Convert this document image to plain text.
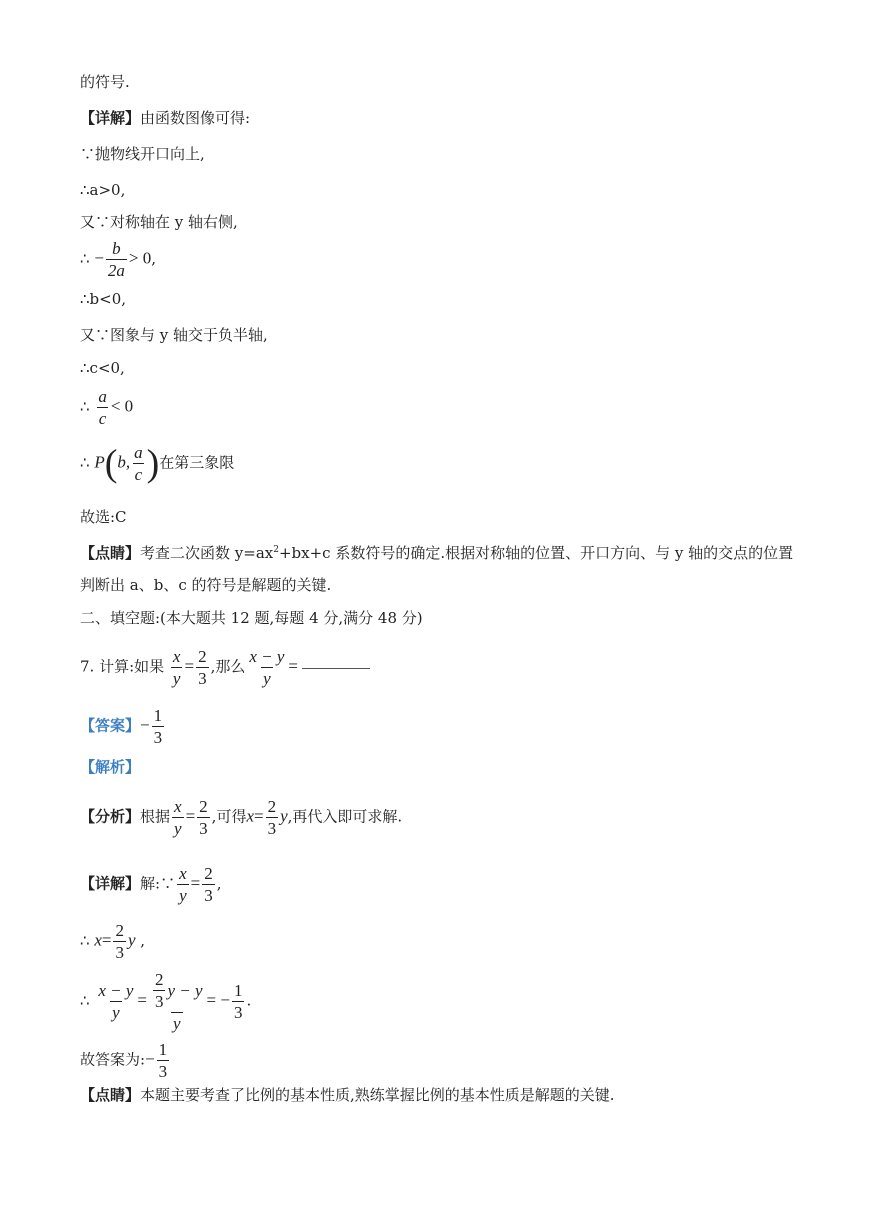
的符号.
【详解】由函数图像可得:
∵抛物线开口向上,
∴a>0,
又∵对称轴在 y 轴右侧,
∴ − $\frac{b}{2a} > 0$,
∴b<0,
又∵图象与 y 轴交于负半轴,
∴c<0,
∴ $\frac{a}{c} < 0$
∴ P(b, $\frac{a}{c}$ )在第三象限
故选:C
【点睛】考查二次函数 $y=ax^2+bx+c$ 系数符号的确定.根据对称轴的位置、开口方向、与 y 轴的交点的位置
判断出 a、b、c 的符号是解题的关键.
二、填空题:(本大题共 12 题,每题 4 分,满分 48 分)
7. 计算:如果 $\frac{x}{y} = \frac{2}{3}$ ,那么 $\frac{x - y}{y}$ =
【答案】− $\frac{1}{3}$
【解析】
【分析】根据 $\frac{x}{y} = \frac{2}{3}$ ,可得$x= \frac{2}{3} y$,再代入即可求解.
【详解】解:∵ $\frac{x}{y} = \frac{2}{3}$ ,
∴ $x= \frac{2}{3}$ y ,
∴ $\frac{x - y}{y} = \frac{\frac{2}{3} y - y}{y}$ = − $\frac{1}{3}$ .
故答案为:− $\frac{1}{3}$
【点睛】本题主要考查了比例的基本性质,熟练掌握比例的基本性质是解题的关键.
